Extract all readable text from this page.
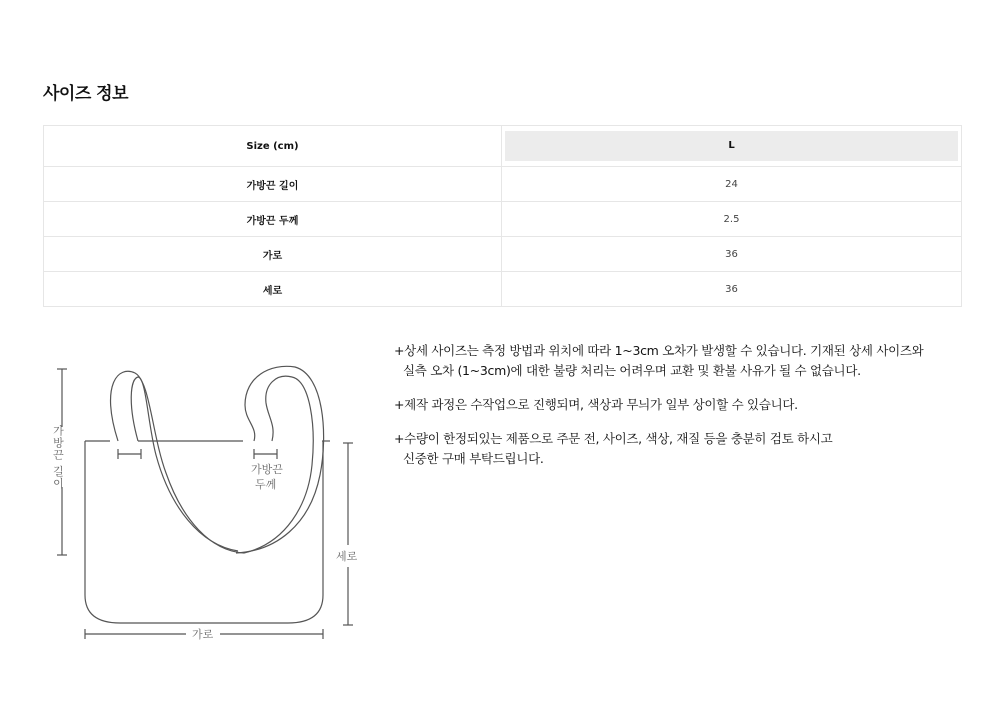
사이즈 정보
Size (cm)	L

가방끈 길이	24
가방끈 두께	2.5
가로	36
세로	36
가방끈 길이	가방끈
두께
세로
가로

+상세 사이즈는 측정 방법과 위치에 따라 1~3cm 오차가 발생할 수 있습니다. 기재된 상세 사이즈와
실측 오차 (1~3cm)에 대한 불량 처리는 어려우며 교환 및 환불 사유가 될 수 없습니다.

+제작 과정은 수작업으로 진행되며, 색상과 무늬가 일부 상이할 수 있습니다.

+수량이 한정되있는 제품으로 주문 전, 사이즈, 색상, 재질 등을 충분히 검토 하시고
신중한 구매 부탁드립니다.
